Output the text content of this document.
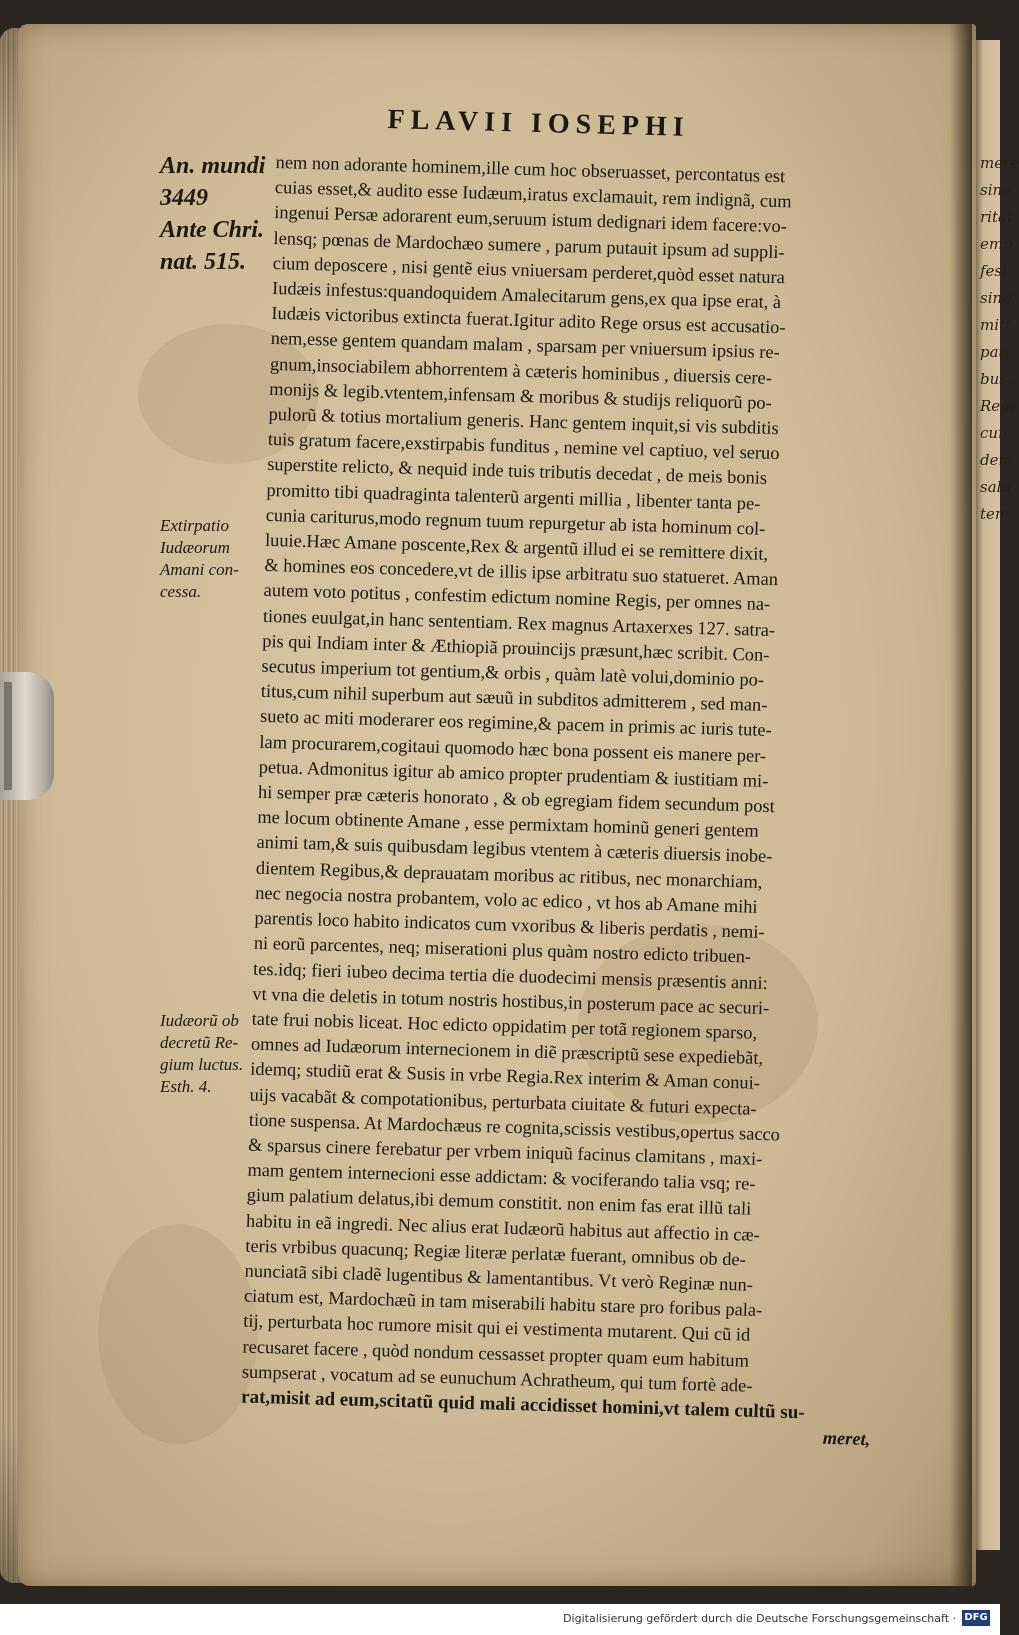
mere
sine
ritat
emp
fest
sing
mitt
pati
bus.
Rege
cun
dem
salu
tem
FLAVII IOSEPHI
An. mundi
3449
Ante Chri.
nat. 515.
Extirpatio
Iudæorum
Amani con-
cessa.
Iudæorũ ob
decretũ Re-
gium luctus.
Esth. 4.
nem non adorante hominem,ille cum hoc obseruasset, percontatus est
cuias esset,& audito esse Iudæum,iratus exclamauit, rem indignã, cum
ingenui Persæ adorarent eum,seruum istum dedignari idem facere:vo-
lensq; pœnas de Mardochæo sumere , parum putauit ipsum ad suppli-
cium deposcere , nisi gentẽ eius vniuersam perderet,quòd esset natura
Iudæis infestus:quandoquidem Amalecitarum gens,ex qua ipse erat, à
Iudæis victoribus extincta fuerat.Igitur adito Rege orsus est accusatio-
nem,esse gentem quandam malam , sparsam per vniuersum ipsius re-
gnum,insociabilem abhorrentem à cæteris hominibus , diuersis cere-
monijs & legib.vtentem,infensam & moribus & studijs reliquorũ po-
pulorũ & totius mortalium generis. Hanc gentem inquit,si vis subditis
tuis gratum facere,exstirpabis funditus , nemine vel captiuo, vel seruo
superstite relicto, & nequid inde tuis tributis decedat , de meis bonis
promitto tibi quadraginta talenterũ argenti millia , libenter tanta pe-
cunia cariturus,modo regnum tuum repurgetur ab ista hominum col-
luuie.Hæc Amane poscente,Rex & argentũ illud ei se remittere dixit,
& homines eos concedere,vt de illis ipse arbitratu suo statueret. Aman
autem voto potitus , confestim edictum nomine Regis, per omnes na-
tiones euulgat,in hanc sententiam. Rex magnus Artaxerxes 127. satra-
pis qui Indiam inter & Æthiopiã prouincijs præsunt,hæc scribit. Con-
secutus imperium tot gentium,& orbis , quàm latè volui,dominio po-
titus,cum nihil superbum aut sæuũ in subditos admitterem , sed man-
sueto ac miti moderarer eos regimine,& pacem in primis ac iuris tute-
lam procurarem,cogitaui quomodo hæc bona possent eis manere per-
petua. Admonitus igitur ab amico propter prudentiam & iustitiam mi-
hi semper præ cæteris honorato , & ob egregiam fidem secundum post
me locum obtinente Amane , esse permixtam hominũ generi gentem
animi tam,& suis quibusdam legibus vtentem à cæteris diuersis inobe-
dientem Regibus,& deprauatam moribus ac ritibus, nec monarchiam,
nec negocia nostra probantem, volo ac edico , vt hos ab Amane mihi
parentis loco habito indicatos cum vxoribus & liberis perdatis , nemi-
ni eorũ parcentes, neq; miserationi plus quàm nostro edicto tribuen-
tes.idq; fieri iubeo decima tertia die duodecimi mensis præsentis anni:
vt vna die deletis in totum nostris hostibus,in posterum pace ac securi-
tate frui nobis liceat. Hoc edicto oppidatim per totã regionem sparso,
omnes ad Iudæorum internecionem in diẽ præscriptũ sese expediebãt,
idemq; studiũ erat & Susis in vrbe Regia.Rex interim & Aman conui-
uijs vacabãt & compotationibus, perturbata ciuitate & futuri expecta-
tione suspensa. At Mardochæus re cognita,scissis vestibus,opertus sacco
& sparsus cinere ferebatur per vrbem iniquũ facinus clamitans , maxi-
mam gentem internecioni esse addictam: & vociferando talia vsq; re-
gium palatium delatus,ibi demum constitit. non enim fas erat illũ tali
habitu in eã ingredi. Nec alius erat Iudæorũ habitus aut affectio in cæ-
teris vrbibus quacunq; Regiæ literæ perlatæ fuerant, omnibus ob de-
nunciatã sibi cladẽ lugentibus & lamentantibus. Vt verò Reginæ nun-
ciatum est, Mardochæũ in tam miserabili habitu stare pro foribus pala-
tij, perturbata hoc rumore misit qui ei vestimenta mutarent. Qui cũ id
recusaret facere , quòd nondum cessasset propter quam eum habitum
sumpserat , vocatum ad se eunuchum Achratheum, qui tum fortè ade-
rat,misit ad eum,scitatũ quid mali accidisset homini,vt talem cultũ su-
meret,
Digitalisierung gefördert durch die Deutsche Forschungsgemeinschaft · DFG
